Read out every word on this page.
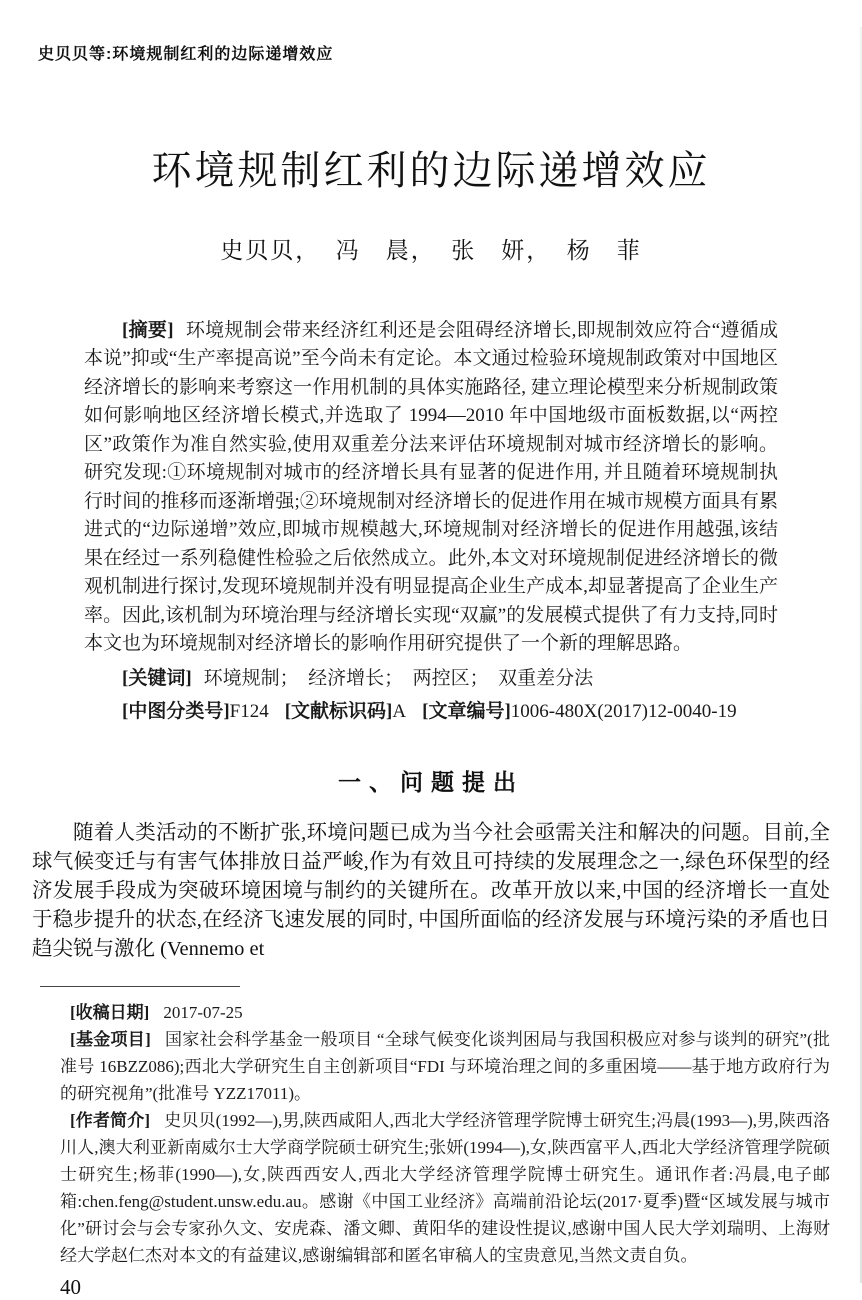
史贝贝等:环境规制红利的边际递增效应
环境规制红利的边际递增效应
史贝贝，  冯　晨，  张　妍，  杨　菲

[摘要] 环境规制会带来经济红利还是会阻碍经济增长,即规制效应符合“遵循成本说”抑或“生产率提高说”至今尚未有定论。本文通过检验环境规制政策对中国地区经济增长的影响来考察这一作用机制的具体实施路径, 建立理论模型来分析规制政策如何影响地区经济增长模式,并选取了 1994—2010 年中国地级市面板数据,以“两控区”政策作为准自然实验,使用双重差分法来评估环境规制对城市经济增长的影响。研究发现:①环境规制对城市的经济增长具有显著的促进作用, 并且随着环境规制执行时间的推移而逐渐增强;②环境规制对经济增长的促进作用在城市规模方面具有累进式的“边际递增”效应,即城市规模越大,环境规制对经济增长的促进作用越强,该结果在经过一系列稳健性检验之后依然成立。此外,本文对环境规制促进经济增长的微观机制进行探讨,发现环境规制并没有明显提高企业生产成本,却显著提高了企业生产率。因此,该机制为环境治理与经济增长实现“双赢”的发展模式提供了有力支持,同时本文也为环境规制对经济增长的影响作用研究提供了一个新的理解思路。

[关键词] 环境规制；  经济增长；  两控区；  双重差分法

[中图分类号]F124 [文献标识码]A [文章编号]1006-480X(2017)12-0040-19

一、问题提出

随着人类活动的不断扩张,环境问题已成为当今社会亟需关注和解决的问题。目前,全球气候变迁与有害气体排放日益严峻,作为有效且可持续的发展理念之一,绿色环保型的经济发展手段成为突破环境困境与制约的关键所在。改革开放以来,中国的经济增长一直处于稳步提升的状态,在经济飞速发展的同时, 中国所面临的经济发展与环境污染的矛盾也日趋尖锐与激化 (Vennemo et

[收稿日期] 2017-07-25

[基金项目] 国家社会科学基金一般项目 “全球气候变化谈判困局与我国积极应对参与谈判的研究”(批准号 16BZZ086);西北大学研究生自主创新项目“FDI 与环境治理之间的多重困境——基于地方政府行为的研究视角”(批准号 YZZ17011)。

[作者简介] 史贝贝(1992—),男,陕西咸阳人,西北大学经济管理学院博士研究生;冯晨(1993—),男,陕西洛川人,澳大利亚新南威尔士大学商学院硕士研究生;张妍(1994—),女,陕西富平人,西北大学经济管理学院硕士研究生;杨菲(1990—),女,陕西西安人,西北大学经济管理学院博士研究生。通讯作者:冯晨,电子邮箱:chen.feng@student.unsw.edu.au。感谢《中国工业经济》高端前沿论坛(2017·夏季)暨“区域发展与城市化”研讨会与会专家孙久文、安虎森、潘文卿、黄阳华的建设性提议,感谢中国人民大学刘瑞明、上海财经大学赵仁杰对本文的有益建议,感谢编辑部和匿名审稿人的宝贵意见,当然文责自负。

40
